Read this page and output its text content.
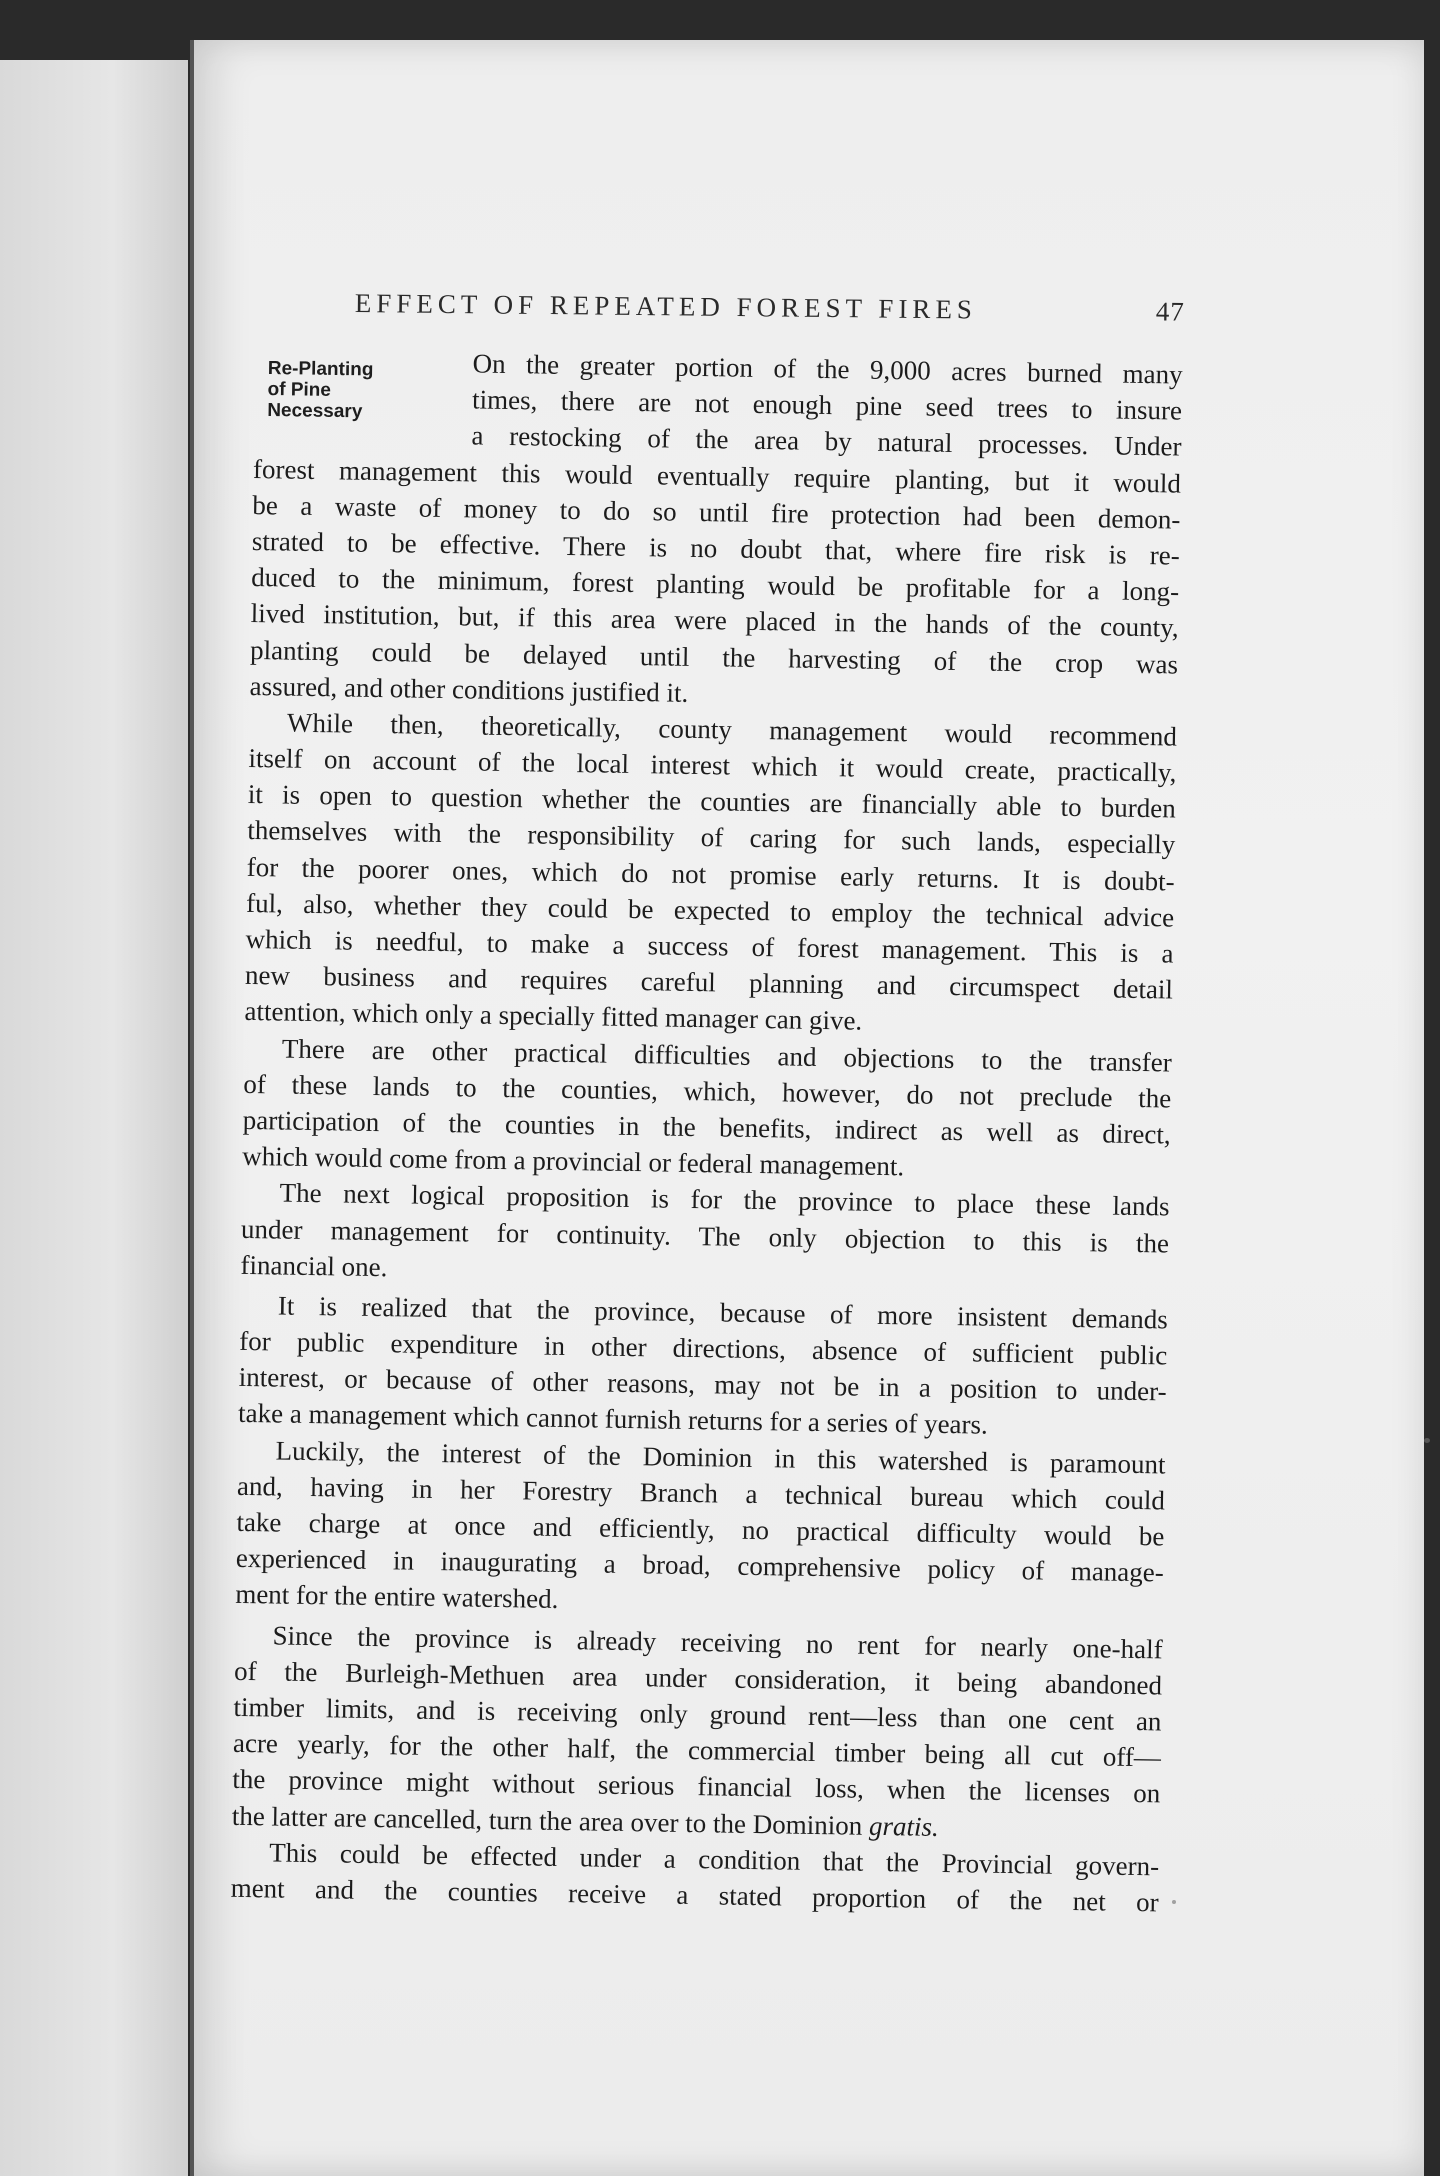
EFFECT OF REPEATED FOREST FIRES	47
Re-Planting
of Pine
Necessary
On the greater portion of the 9,000 acres burned many
times, there are not enough pine seed trees to insure
a restocking of the area by natural processes. Under
forest management this would eventually require planting, but it would
be a waste of money to do so until fire protection had been demon-
strated to be effective. There is no doubt that, where fire risk is re-
duced to the minimum, forest planting would be profitable for a long-
lived institution, but, if this area were placed in the hands of the county,
planting could be delayed until the harvesting of the crop was
assured, and other conditions justified it.
While then, theoretically, county management would recommend
itself on account of the local interest which it would create, practically,
it is open to question whether the counties are financially able to burden
themselves with the responsibility of caring for such lands, especially
for the poorer ones, which do not promise early returns. It is doubt-
ful, also, whether they could be expected to employ the technical advice
which is needful, to make a success of forest management. This is a
new business and requires careful planning and circumspect detail
attention, which only a specially fitted manager can give.
There are other practical difficulties and objections to the transfer
of these lands to the counties, which, however, do not preclude the
participation of the counties in the benefits, indirect as well as direct,
which would come from a provincial or federal management.
The next logical proposition is for the province to place these lands
under management for continuity. The only objection to this is the
financial one.
It is realized that the province, because of more insistent demands
for public expenditure in other directions, absence of sufficient public
interest, or because of other reasons, may not be in a position to under-
take a management which cannot furnish returns for a series of years.
Luckily, the interest of the Dominion in this watershed is paramount
and, having in her Forestry Branch a technical bureau which could
take charge at once and efficiently, no practical difficulty would be
experienced in inaugurating a broad, comprehensive policy of manage-
ment for the entire watershed.
Since the province is already receiving no rent for nearly one-half
of the Burleigh-Methuen area under consideration, it being abandoned
timber limits, and is receiving only ground rent—less than one cent an
acre yearly, for the other half, the commercial timber being all cut off—
the province might without serious financial loss, when the licenses on
the latter are cancelled, turn the area over to the Dominion gratis.
This could be effected under a condition that the Provincial govern-
ment and the counties receive a stated proportion of the net or
